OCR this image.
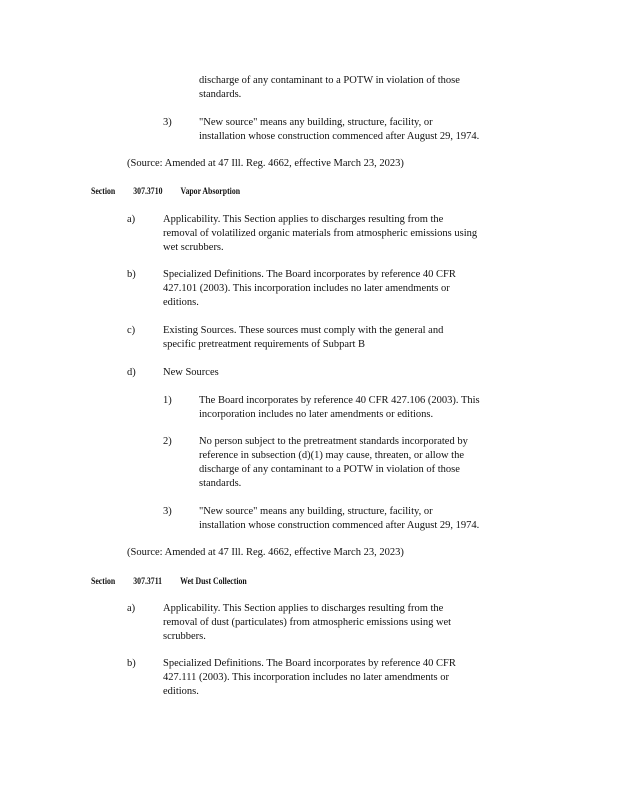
discharge of any contaminant to a POTW in violation of those
standards.
3)	"New source" means any building, structure, facility, or
installation whose construction commenced after August 29, 1974.
(Source: Amended at 47 Ill. Reg. 4662, effective March 23, 2023)
Section 307.3710 Vapor Absorption
a)	Applicability. This Section applies to discharges resulting from the
removal of volatilized organic materials from atmospheric emissions using
wet scrubbers.
b)	Specialized Definitions. The Board incorporates by reference 40 CFR
427.101 (2003). This incorporation includes no later amendments or
editions.
c)	Existing Sources. These sources must comply with the general and
specific pretreatment requirements of Subpart B
d)	New Sources
1)	The Board incorporates by reference 40 CFR 427.106 (2003). This
incorporation includes no later amendments or editions.
2)	No person subject to the pretreatment standards incorporated by
reference in subsection (d)(1) may cause, threaten, or allow the
discharge of any contaminant to a POTW in violation of those
standards.
3)	"New source" means any building, structure, facility, or
installation whose construction commenced after August 29, 1974.
(Source: Amended at 47 Ill. Reg. 4662, effective March 23, 2023)
Section 307.3711 Wet Dust Collection
a)	Applicability. This Section applies to discharges resulting from the
removal of dust (particulates) from atmospheric emissions using wet
scrubbers.
b)	Specialized Definitions. The Board incorporates by reference 40 CFR
427.111 (2003). This incorporation includes no later amendments or
editions.
